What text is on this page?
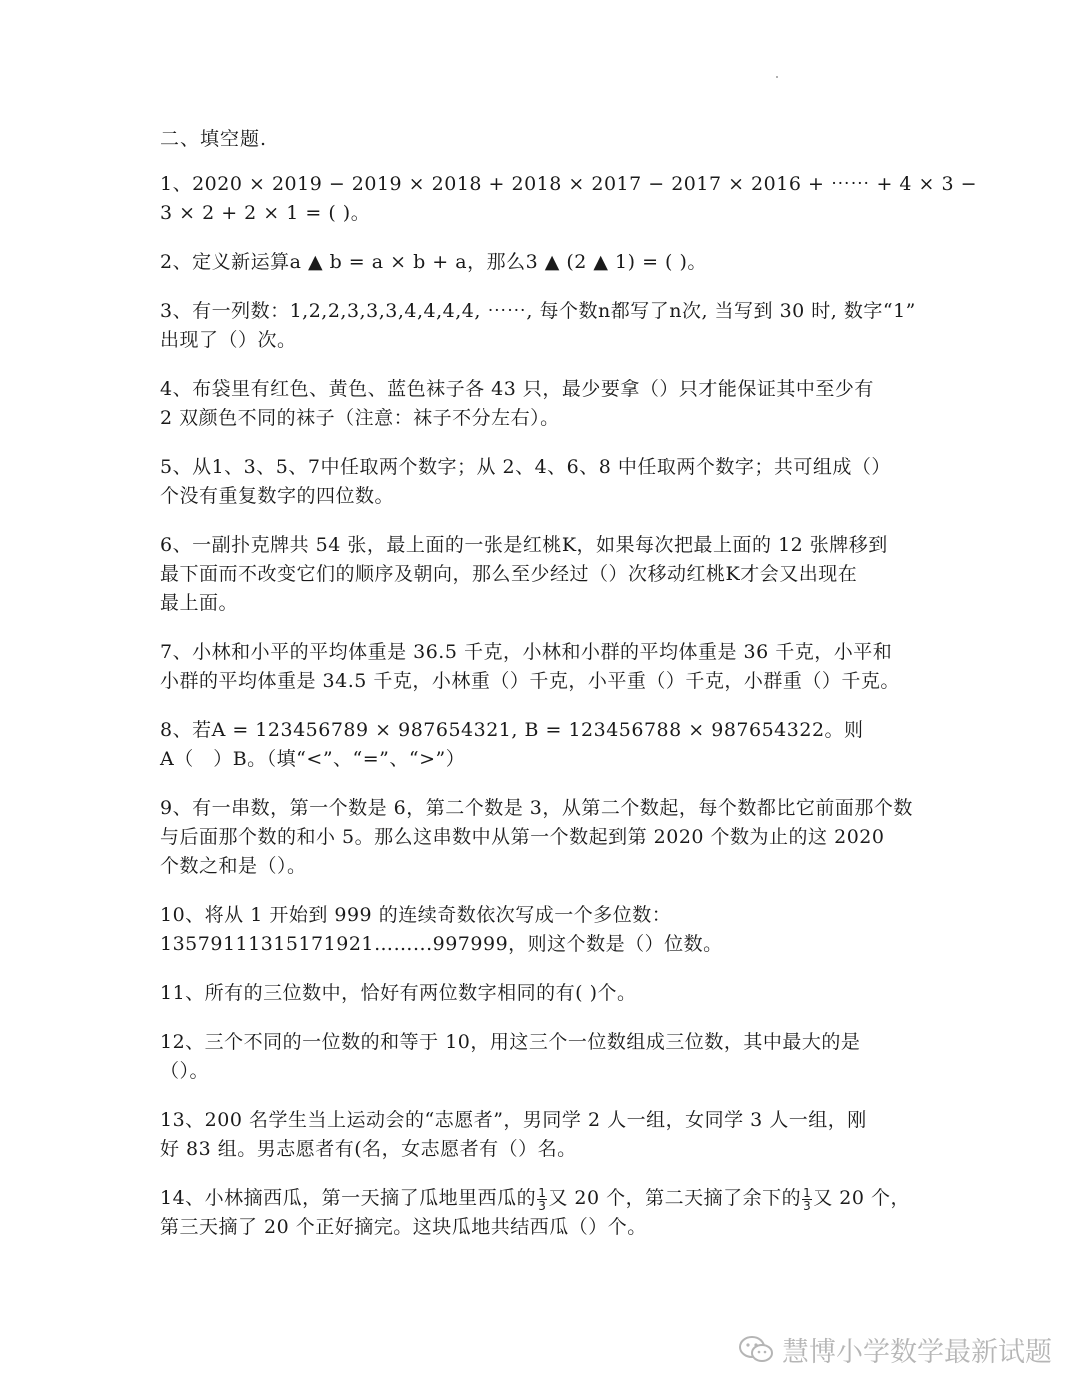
二、填空题.
1、2020 × 2019 − 2019 × 2018 + 2018 × 2017 − 2017 × 2016 + ⋯⋯ + 4 × 3 −
3 × 2 + 2 × 1 = ( )。
2、定义新运算a ▲ b = a × b + a，那么3 ▲ (2 ▲ 1) = ( )。
3、有一列数：1,2,2,3,3,3,4,4,4,4, ⋯⋯, 每个数n都写了n次, 当写到 30 时, 数字“1”
出现了（）次。
4、布袋里有红色、黄色、蓝色袜子各 43 只，最少要拿（）只才能保证其中至少有
2 双颜色不同的袜子（注意：袜子不分左右）。
5、从1、3、5、7中任取两个数字；从 2、4、6、8 中任取两个数字；共可组成（）
个没有重复数字的四位数。
6、一副扑克牌共 54 张，最上面的一张是红桃K，如果每次把最上面的 12 张牌移到
最下面而不改变它们的顺序及朝向，那么至少经过（）次移动红桃K才会又出现在
最上面。
7、小林和小平的平均体重是 36.5 千克，小林和小群的平均体重是 36 千克，小平和
小群的平均体重是 34.5 千克，小林重（）千克，小平重（）千克，小群重（）千克。
8、若A = 123456789 × 987654321, B = 123456788 × 987654322。则
A（　）B。（填“<”、“=”、“>”）
9、有一串数，第一个数是 6，第二个数是 3，从第二个数起，每个数都比它前面那个数
与后面那个数的和小 5。那么这串数中从第一个数起到第 2020 个数为止的这 2020
个数之和是（）。
10、将从 1 开始到 999 的连续奇数依次写成一个多位数：
13579111315171921……...997999，则这个数是（）位数。
11、所有的三位数中，恰好有两位数字相同的有( )个。
12、三个不同的一位数的和等于 10，用这三个一位数组成三位数，其中最大的是
（）。
13、200 名学生当上运动会的“志愿者”，男同学 2 人一组，女同学 3 人一组，刚
好 83 组。男志愿者有(名，女志愿者有（）名。
14、小林摘西瓜，第一天摘了瓜地里西瓜的 $\frac{1}{3}$ 又 20 个，第二天摘了余下的 $\frac{1}{3}$ 又 20 个，
第三天摘了 20 个正好摘完。这块瓜地共结西瓜（）个。
慧博小学数学最新试题
